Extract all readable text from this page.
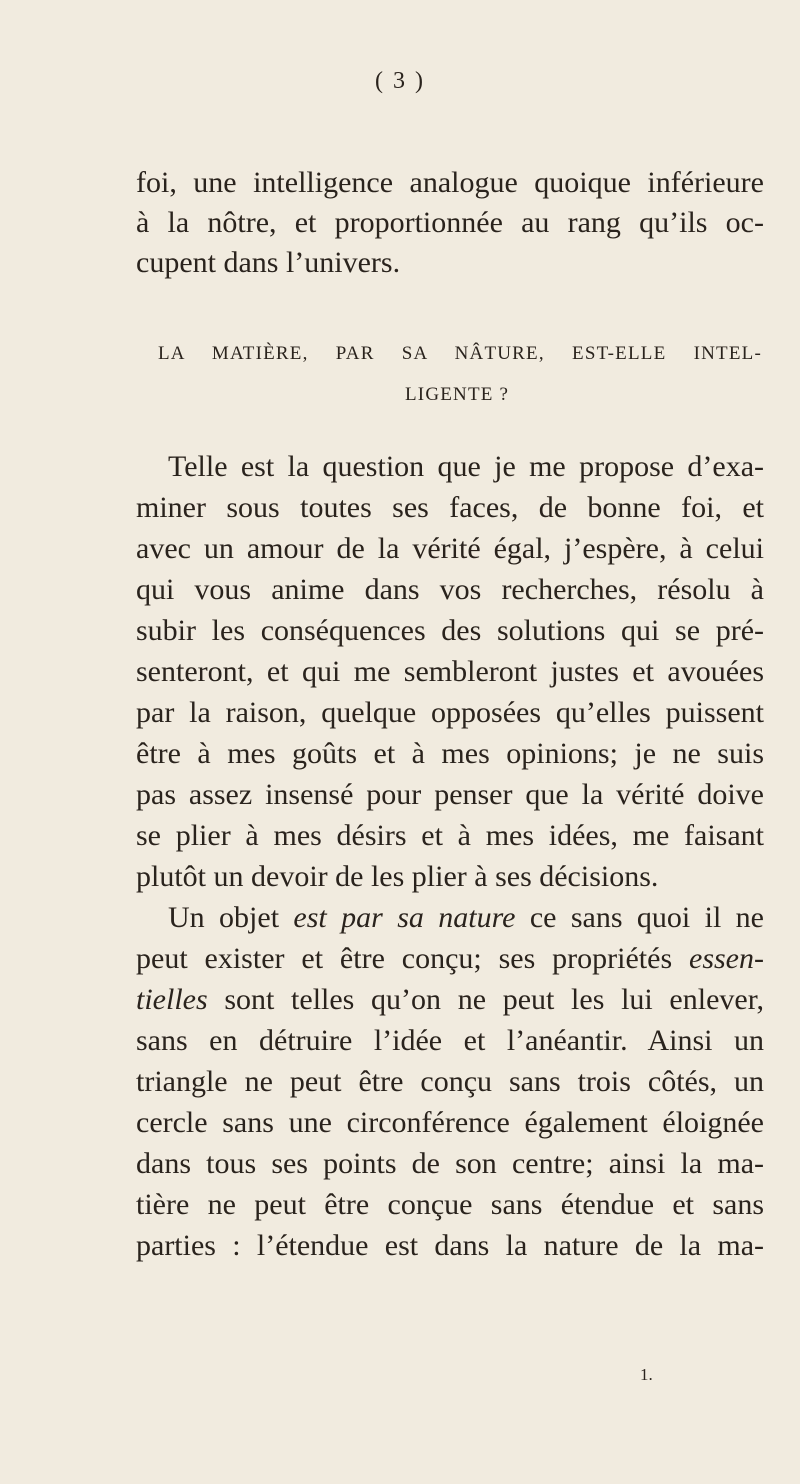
( 3 )
foi, une intelligence analogue quoique inférieure
à la nôtre, et proportionnée au rang qu’ils oc-
cupent dans l’univers.
LA MATIÈRE, PAR SA NÂTURE, EST-ELLE INTEL-
LIGENTE ?
Telle est la question que je me propose d’exa-
miner sous toutes ses faces, de bonne foi, et
avec un amour de la vérité égal, j’espère, à celui
qui vous anime dans vos recherches, résolu à
subir les conséquences des solutions qui se pré-
senteront, et qui me sembleront justes et avouées
par la raison, quelque opposées qu’elles puissent
être à mes goûts et à mes opinions; je ne suis
pas assez insensé pour penser que la vérité doive
se plier à mes désirs et à mes idées, me faisant
plutôt un devoir de les plier à ses décisions.
Un objet est par sa nature ce sans quoi il ne
peut exister et être conçu; ses propriétés essen-
tielles sont telles qu’on ne peut les lui enlever,
sans en détruire l’idée et l’anéantir. Ainsi un
triangle ne peut être conçu sans trois côtés, un
cercle sans une circonférence également éloignée
dans tous ses points de son centre; ainsi la ma-
tière ne peut être conçue sans étendue et sans
parties : l’étendue est dans la nature de la ma-
1.
